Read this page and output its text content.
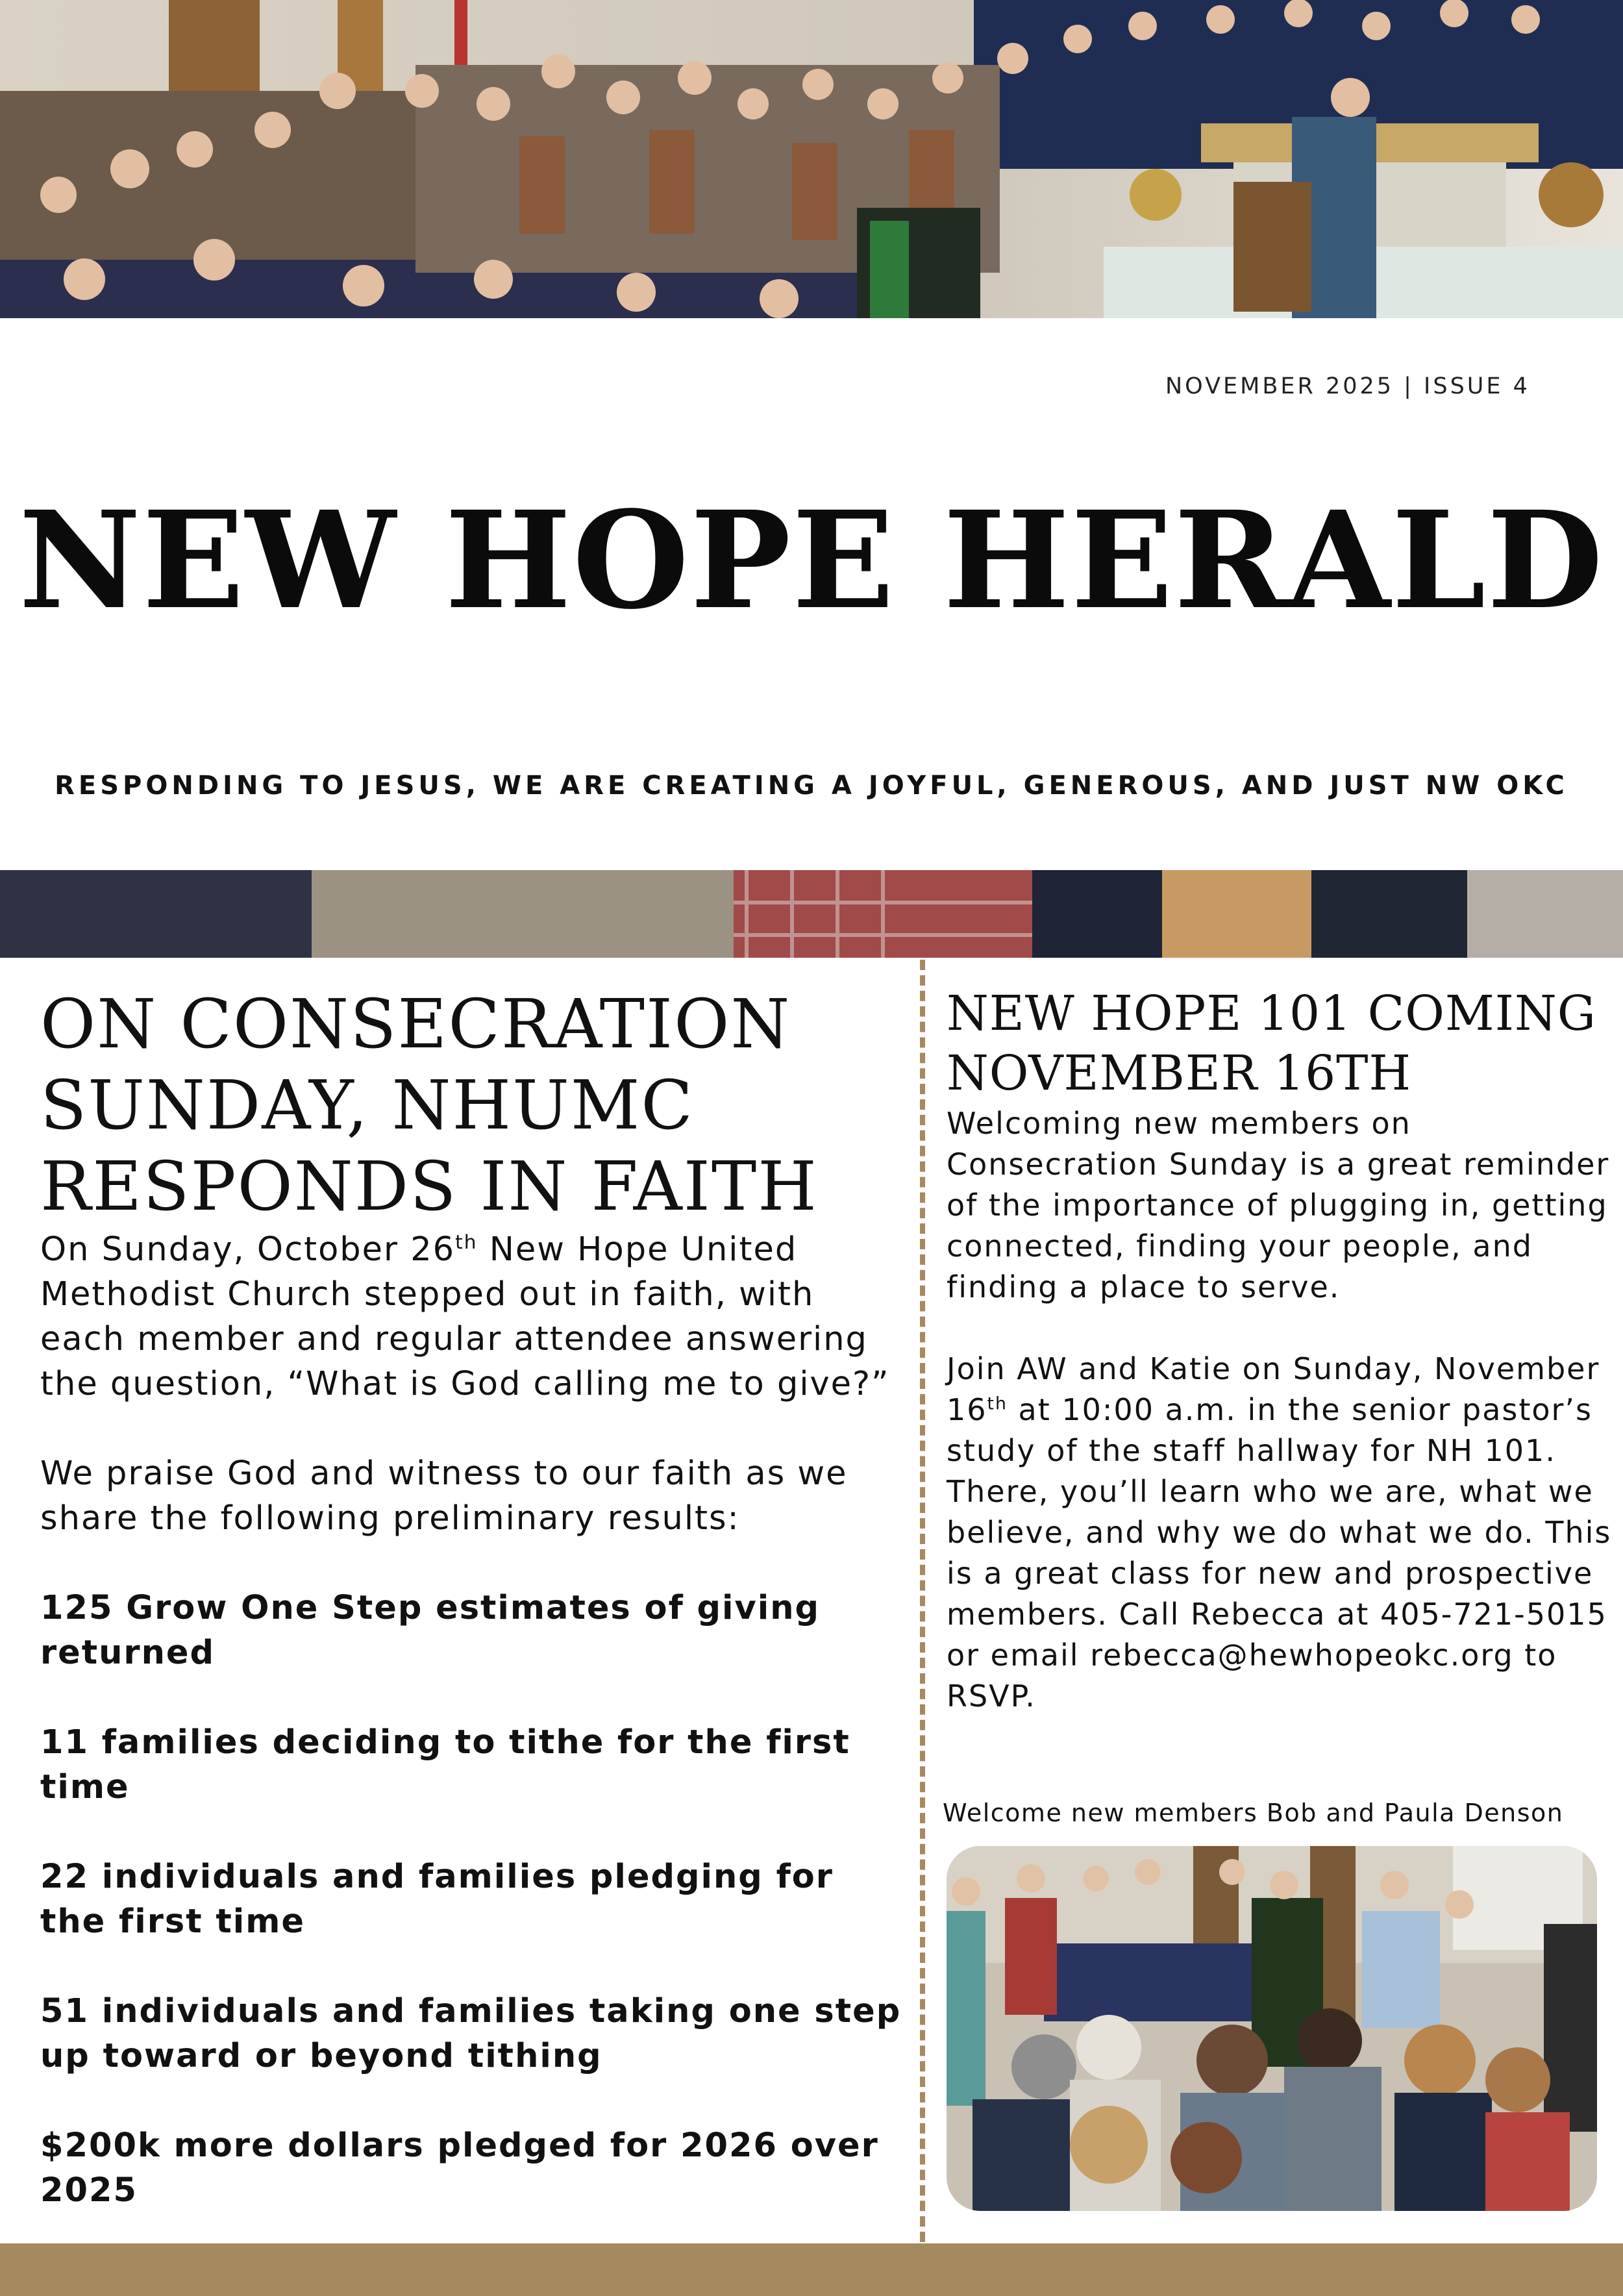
NOVEMBER 2025 | ISSUE 4
NEW HOPE HERALD
RESPONDING TO JESUS, WE ARE CREATING A JOYFUL, GENEROUS, AND JUST NW OKC
ON CONSECRATION SUNDAY, NHUMC RESPONDS IN FAITH

On Sunday, October 26th New Hope United Methodist Church stepped out in faith, with each member and regular attendee answering the question, “What is God calling me to give?”

We praise God and witness to our faith as we share the following preliminary results:

125 Grow One Step estimates of giving returned

11 families deciding to tithe for the first time

22 individuals and families pledging for the first time

51 individuals and families taking one step up toward or beyond tithing

$200k more dollars pledged for 2026 over 2025

NEW HOPE 101 COMING NOVEMBER 16TH

Welcoming new members on Consecration Sunday is a great reminder of the importance of plugging in, getting connected, finding your people, and finding a place to serve.

Join AW and Katie on Sunday, November 16th at 10:00 a.m. in the senior pastor’s study of the staff hallway for NH 101. There, you’ll learn who we are, what we believe, and why we do what we do. This is a great class for new and prospective members. Call Rebecca at 405-721-5015 or email rebecca@hewhopeokc.org to RSVP.

Welcome new members Bob and Paula Denson
